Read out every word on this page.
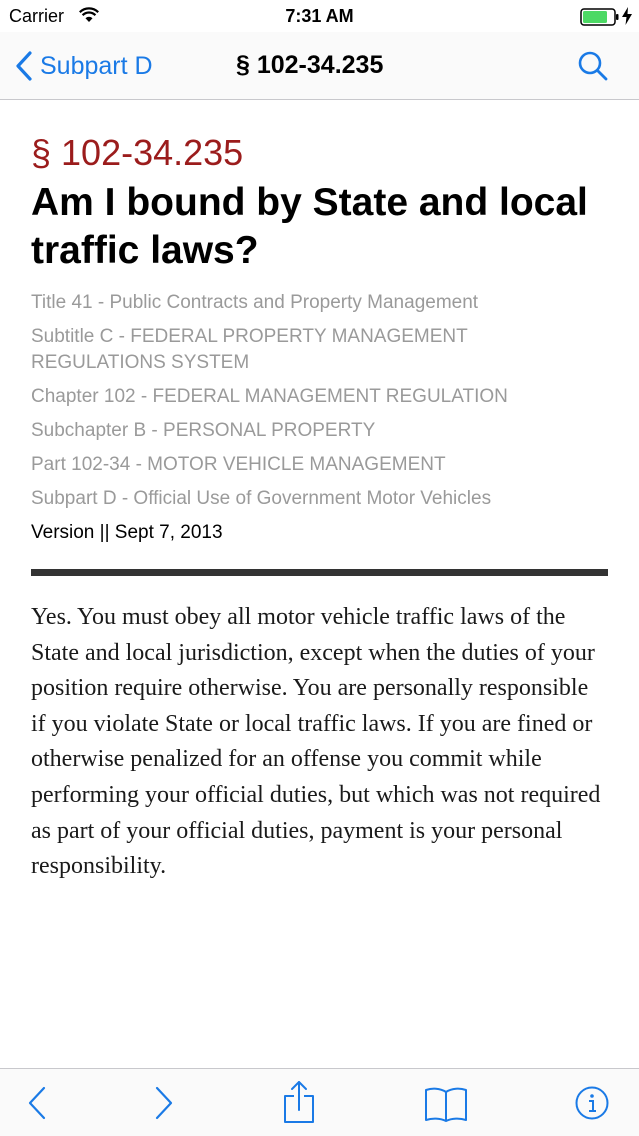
Carrier	7:31 AM
Subpart D	§ 102-34.235
§ 102-34.235
Am I bound by State and local traffic laws?
Title 41 - Public Contracts and Property Management
Subtitle C - FEDERAL PROPERTY MANAGEMENT REGULATIONS SYSTEM
Chapter 102 - FEDERAL MANAGEMENT REGULATION
Subchapter B - PERSONAL PROPERTY
Part 102-34 - MOTOR VEHICLE MANAGEMENT
Subpart D - Official Use of Government Motor Vehicles
Version || Sept 7, 2013
Yes. You must obey all motor vehicle traffic laws of the State and local jurisdiction, except when the duties of your position require otherwise. You are personally responsible if you violate State or local traffic laws. If you are fined or otherwise penalized for an offense you commit while performing your official duties, but which was not required as part of your official duties, payment is your personal responsibility.
